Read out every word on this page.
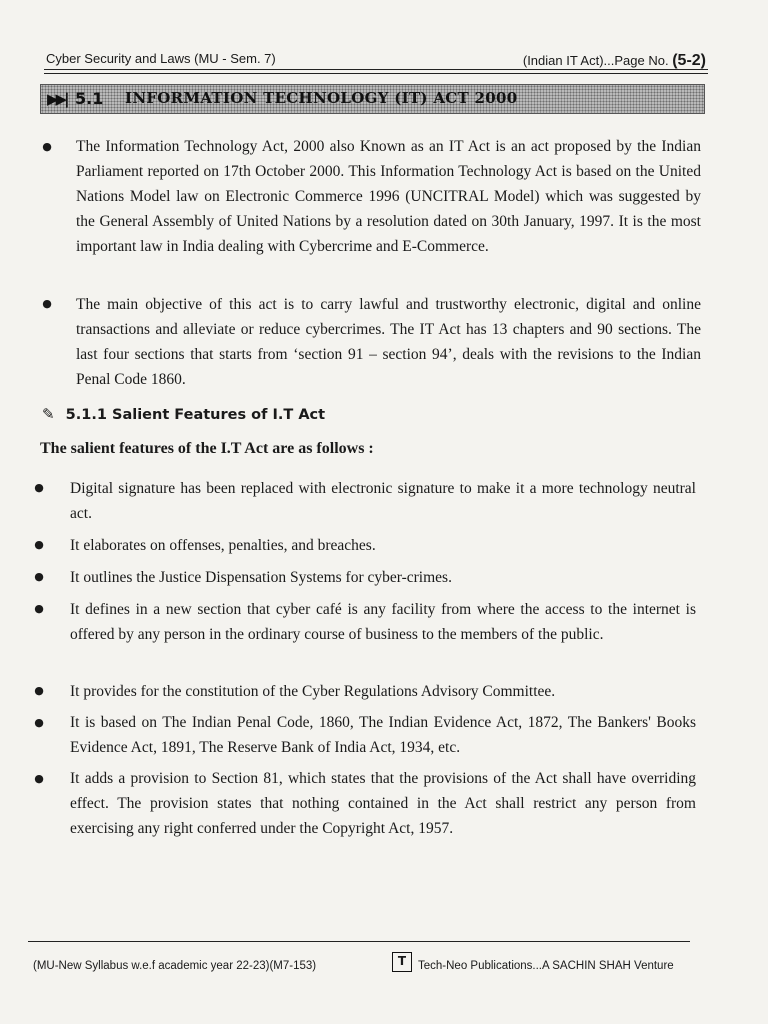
Cyber Security and Laws (MU - Sem. 7)	(Indian IT Act)...Page No. (5-2)
▶▶| 5.1 INFORMATION TECHNOLOGY (IT) ACT 2000
● The Information Technology Act, 2000 also Known as an IT Act is an act proposed by the Indian Parliament reported on 17th October 2000. This Information Technology Act is based on the United Nations Model law on Electronic Commerce 1996 (UNCITRAL Model) which was suggested by the General Assembly of United Nations by a resolution dated on 30th January, 1997. It is the most important law in India dealing with Cybercrime and E-Commerce.
● The main objective of this act is to carry lawful and trustworthy electronic, digital and online transactions and alleviate or reduce cybercrimes. The IT Act has 13 chapters and 90 sections. The last four sections that starts from ‘section 91 – section 94’, deals with the revisions to the Indian Penal Code 1860.
✎ 5.1.1 Salient Features of I.T Act
The salient features of the I.T Act are as follows :
● Digital signature has been replaced with electronic signature to make it a more technology neutral act.
● It elaborates on offenses, penalties, and breaches.
● It outlines the Justice Dispensation Systems for cyber-crimes.
● It defines in a new section that cyber café is any facility from where the access to the internet is offered by any person in the ordinary course of business to the members of the public.
● It provides for the constitution of the Cyber Regulations Advisory Committee.
● It is based on The Indian Penal Code, 1860, The Indian Evidence Act, 1872, The Bankers' Books Evidence Act, 1891, The Reserve Bank of India Act, 1934, etc.
● It adds a provision to Section 81, which states that the provisions of the Act shall have overriding effect. The provision states that nothing contained in the Act shall restrict any person from exercising any right conferred under the Copyright Act, 1957.
(MU-New Syllabus w.e.f academic year 22-23)(M7-153)	T	Tech-Neo Publications...A SACHIN SHAH Venture
